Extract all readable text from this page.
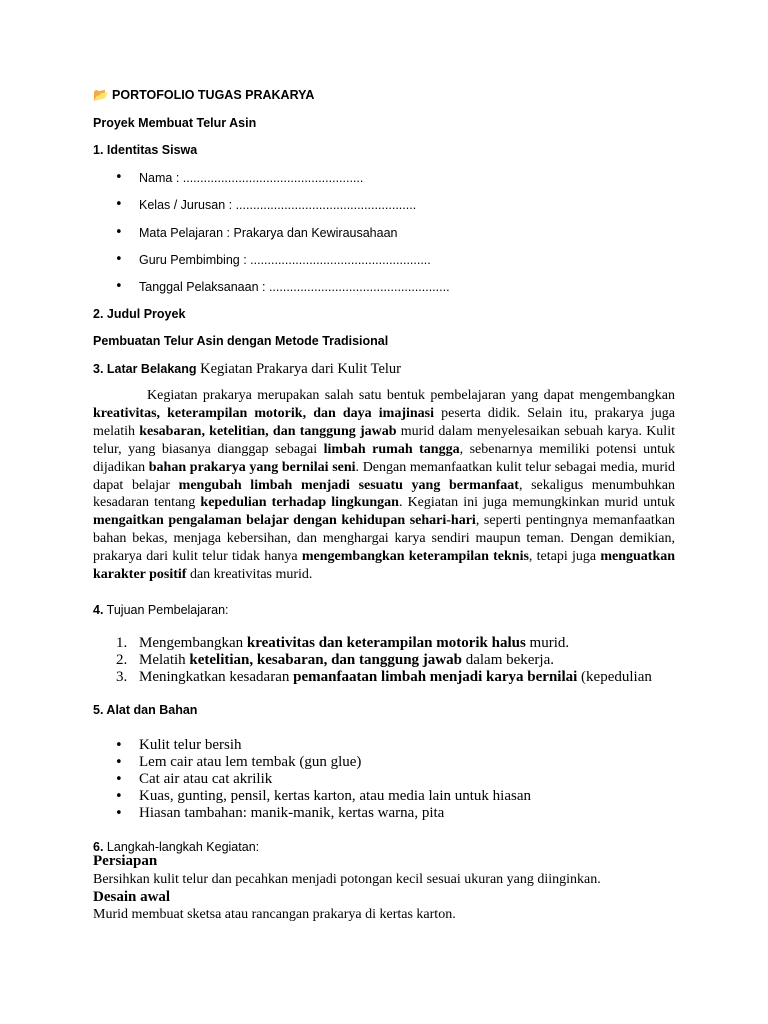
📂 PORTOFOLIO TUGAS PRAKARYA

Proyek Membuat Telur Asin

1. Identitas Siswa

• Nama : ....................................................
• Kelas / Jurusan : ....................................................
• Mata Pelajaran : Prakarya dan Kewirausahaan
• Guru Pembimbing : ....................................................
• Tanggal Pelaksanaan : ....................................................

2. Judul Proyek

Pembuatan Telur Asin dengan Metode Tradisional

3. Latar Belakang Kegiatan Prakarya dari Kulit Telur

Kegiatan prakarya merupakan salah satu bentuk pembelajaran yang dapat mengembangkan kreativitas, keterampilan motorik, dan daya imajinasi peserta didik. Selain itu, prakarya juga melatih kesabaran, ketelitian, dan tanggung jawab murid dalam menyelesaikan sebuah karya. Kulit telur, yang biasanya dianggap sebagai limbah rumah tangga, sebenarnya memiliki potensi untuk dijadikan bahan prakarya yang bernilai seni. Dengan memanfaatkan kulit telur sebagai media, murid dapat belajar mengubah limbah menjadi sesuatu yang bermanfaat, sekaligus menumbuhkan kesadaran tentang kepedulian terhadap lingkungan. Kegiatan ini juga memungkinkan murid untuk mengaitkan pengalaman belajar dengan kehidupan sehari-hari, seperti pentingnya memanfaatkan bahan bekas, menjaga kebersihan, dan menghargai karya sendiri maupun teman. Dengan demikian, prakarya dari kulit telur tidak hanya mengembangkan keterampilan teknis, tetapi juga menguatkan karakter positif dan kreativitas murid.

4. Tujuan Pembelajaran:

1. Mengembangkan kreativitas dan keterampilan motorik halus murid.
2. Melatih ketelitian, kesabaran, dan tanggung jawab dalam bekerja.
3. Meningkatkan kesadaran pemanfaatan limbah menjadi karya bernilai (kepedulian

5. Alat dan Bahan

• Kulit telur bersih
• Lem cair atau lem tembak (gun glue)
• Cat air atau cat akrilik
• Kuas, gunting, pensil, kertas karton, atau media lain untuk hiasan
• Hiasan tambahan: manik-manik, kertas warna, pita

6. Langkah-langkah Kegiatan:

Persiapan

Bersihkan kulit telur dan pecahkan menjadi potongan kecil sesuai ukuran yang diinginkan.

Desain awal

Murid membuat sketsa atau rancangan prakarya di kertas karton.
